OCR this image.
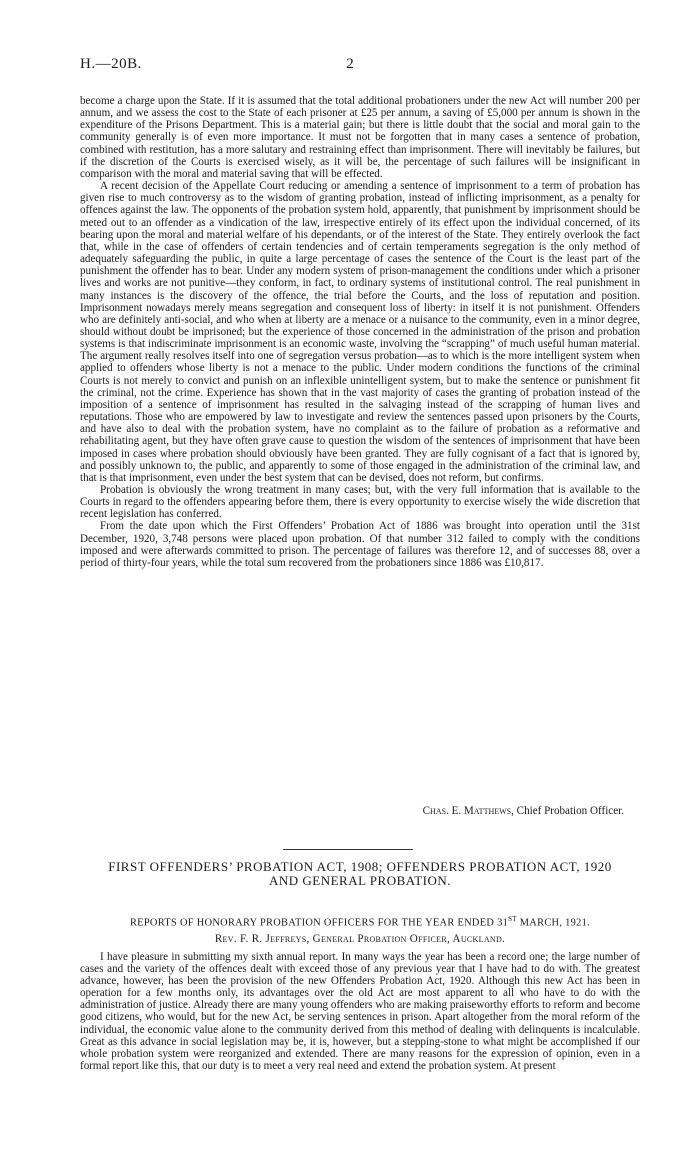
H.—20B.	2

become a charge upon the State. If it is assumed that the total additional probationers under the new Act will number 200 per annum, and we assess the cost to the State of each prisoner at £25 per annum, a saving of £5,000 per annum is shown in the expenditure of the Prisons Department. This is a material gain; but there is little doubt that the social and moral gain to the community generally is of even more importance. It must not be forgotten that in many cases a sentence of probation, combined with restitution, has a more salutary and restraining effect than imprisonment. There will inevitably be failures, but if the discretion of the Courts is exercised wisely, as it will be, the percentage of such failures will be insignificant in comparison with the moral and material saving that will be effected.

A recent decision of the Appellate Court reducing or amending a sentence of imprisonment to a term of probation has given rise to much controversy as to the wisdom of granting probation, instead of inflicting imprisonment, as a penalty for offences against the law. The opponents of the probation system hold, apparently, that punishment by imprisonment should be meted out to an offender as a vindication of the law, irrespective entirely of its effect upon the individual concerned, of its bearing upon the moral and material welfare of his dependants, or of the interest of the State. They entirely overlook the fact that, while in the case of offenders of certain tendencies and of certain temperaments segregation is the only method of adequately safeguarding the public, in quite a large percentage of cases the sentence of the Court is the least part of the punishment the offender has to bear. Under any modern system of prison-management the conditions under which a prisoner lives and works are not punitive—they conform, in fact, to ordinary systems of institutional control. The real punishment in many instances is the discovery of the offence, the trial before the Courts, and the loss of reputation and position. Imprisonment nowadays merely means segregation and consequent loss of liberty: in itself it is not punishment. Offenders who are definitely anti-social, and who when at liberty are a menace or a nuisance to the community, even in a minor degree, should without doubt be imprisoned; but the experience of those concerned in the administration of the prison and probation systems is that indiscriminate imprisonment is an economic waste, involving the “scrapping” of much useful human material. The argument really resolves itself into one of segregation versus probation—as to which is the more intelligent system when applied to offenders whose liberty is not a menace to the public. Under modern conditions the functions of the criminal Courts is not merely to convict and punish on an inflexible unintelligent system, but to make the sentence or punishment fit the criminal, not the crime. Experience has shown that in the vast majority of cases the granting of probation instead of the imposition of a sentence of imprisonment has resulted in the salvaging instead of the scrapping of human lives and reputations. Those who are empowered by law to investigate and review the sentences passed upon prisoners by the Courts, and have also to deal with the probation system, have no complaint as to the failure of probation as a reformative and rehabilitating agent, but they have often grave cause to question the wisdom of the sentences of imprisonment that have been imposed in cases where probation should obviously have been granted. They are fully cognisant of a fact that is ignored by, and possibly unknown to, the public, and apparently to some of those engaged in the administration of the criminal law, and that is that imprisonment, even under the best system that can be devised, does not reform, but confirms.

Probation is obviously the wrong treatment in many cases; but, with the very full information that is available to the Courts in regard to the offenders appearing before them, there is every opportunity to exercise wisely the wide discretion that recent legislation has conferred.

From the date upon which the First Offenders’ Probation Act of 1886 was brought into operation until the 31st December, 1920, 3,748 persons were placed upon probation. Of that number 312 failed to comply with the conditions imposed and were afterwards committed to prison. The percentage of failures was therefore 12, and of successes 88, over a period of thirty-four years, while the total sum recovered from the probationers since 1886 was £10,817.

Chas. E. Matthews, Chief Probation Officer.
FIRST OFFENDERS’ PROBATION ACT, 1908; OFFENDERS PROBATION ACT, 1920
AND GENERAL PROBATION.
REPORTS OF HONORARY PROBATION OFFICERS FOR THE YEAR ENDED 31ST MARCH, 1921.
Rev. F. R. Jeffreys, General Probation Officer, Auckland.

I have pleasure in submitting my sixth annual report. In many ways the year has been a record one; the large number of cases and the variety of the offences dealt with exceed those of any previous year that I have had to do with. The greatest advance, however, has been the provision of the new Offenders Probation Act, 1920. Although this new Act has been in operation for a few months only, its advantages over the old Act are most apparent to all who have to do with the administration of justice. Already there are many young offenders who are making praiseworthy efforts to reform and become good citizens, who would, but for the new Act, be serving sentences in prison. Apart altogether from the moral reform of the individual, the economic value alone to the community derived from this method of dealing with delinquents is incalculable. Great as this advance in social legislation may be, it is, however, but a stepping-stone to what might be accomplished if our whole probation system were reorganized and extended. There are many reasons for the expression of opinion, even in a formal report like this, that our duty is to meet a very real need and extend the probation system. At present
